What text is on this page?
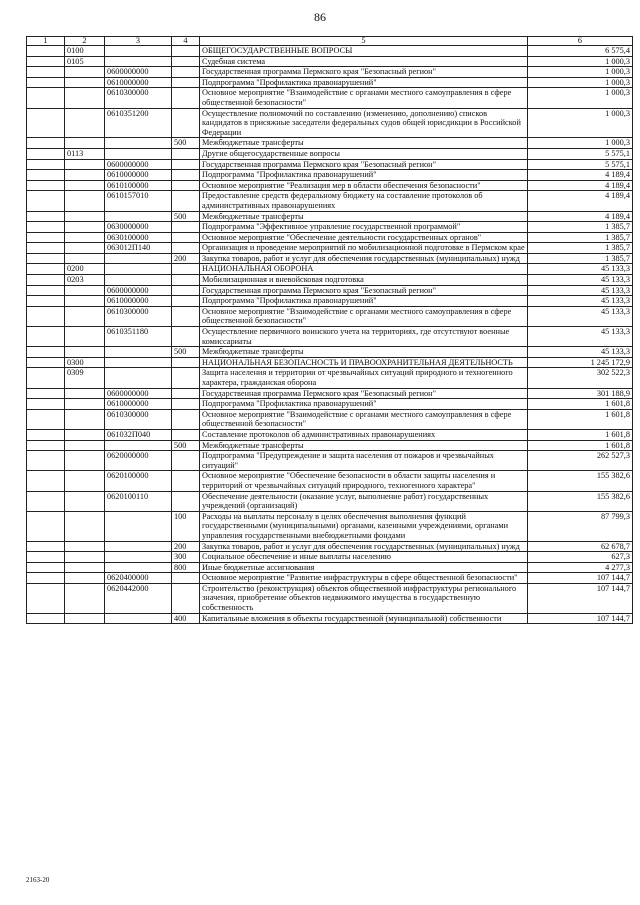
86
1	2	3	4	5	6
	0100			ОБЩЕГОСУДАРСТВЕННЫЕ ВОПРОСЫ	6 575,4
	0105			Судебная система	1 000,3
		0600000000		Государственная программа Пермского края "Безопасный регион"	1 000,3
		0610000000		Подпрограмма "Профилактика правонарушений"	1 000,3
		0610300000		Основное мероприятие "Взаимодействие с органами местного самоуправления в сфере общественной безопасности"	1 000,3
		0610351200		Осуществление полномочий по составлению (изменению, дополнению) списков кандидатов в присяжные заседатели федеральных судов общей юрисдикции в Российской Федерации	1 000,3
			500	Межбюджетные трансферты	1 000,3
	0113			Другие общегосударственные вопросы	5 575,1
		0600000000		Государственная программа Пермского края "Безопасный регион"	5 575,1
		0610000000		Подпрограмма "Профилактика правонарушений"	4 189,4
		0610100000		Основное мероприятие "Реализация мер в области обеспечения безопасности"	4 189,4
		0610157010		Предоставление средств федеральному бюджету на составление протоколов об административных правонарушениях	4 189,4
			500	Межбюджетные трансферты	4 189,4
		0630000000		Подпрограмма "Эффективное управление государственной программой"	1 385,7
		0630100000		Основное мероприятие "Обеспечение деятельности государственных органов"	1 385,7
		063012П140		Организация и проведение мероприятий по мобилизационной подготовке в Пермском крае	1 385,7
			200	Закупка товаров, работ и услуг для обеспечения государственных (муниципальных) нужд	1 385,7
	0200			НАЦИОНАЛЬНАЯ ОБОРОНА	45 133,3
	0203			Мобилизационная и вневойсковая подготовка	45 133,3
		0600000000		Государственная программа Пермского края "Безопасный регион"	45 133,3
		0610000000		Подпрограмма "Профилактика правонарушений"	45 133,3
		0610300000		Основное мероприятие "Взаимодействие с органами местного самоуправления в сфере общественной безопасности"	45 133,3
		0610351180		Осуществление первичного воинского учета на территориях, где отсутствуют военные комиссариаты	45 133,3
			500	Межбюджетные трансферты	45 133,3
	0300			НАЦИОНАЛЬНАЯ БЕЗОПАСНОСТЬ И ПРАВООХРАНИТЕЛЬНАЯ ДЕЯТЕЛЬНОСТЬ	1 245 172,9
	0309			Защита населения и территории от чрезвычайных ситуаций природного и техногенного характера, гражданская оборона	302 522,3
		0600000000		Государственная программа Пермского края "Безопасный регион"	301 188,9
		0610000000		Подпрограмма "Профилактика правонарушений"	1 601,8
		0610300000		Основное мероприятие "Взаимодействие с органами местного самоуправления в сфере общественной безопасности"	1 601,8
		061032П040		Составление протоколов об административных правонарушениях	1 601,8
			500	Межбюджетные трансферты	1 601,8
		0620000000		Подпрограмма "Предупреждение и защита населения от пожаров и чрезвычайных ситуаций"	262 527,3
		0620100000		Основное мероприятие "Обеспечение безопасности в области защиты населения и территорий от чрезвычайных ситуаций природного, техногенного характера"	155 382,6
		0620100110		Обеспечение деятельности (оказание услуг, выполнение работ) государственных учреждений (организаций)	155 382,6
			100	Расходы на выплаты персоналу в целях обеспечения выполнения функций государственными (муниципальными) органами, казенными учреждениями, органами управления государственными внебюджетными фондами	87 799,3
			200	Закупка товаров, работ и услуг для обеспечения государственных (муниципальных) нужд	62 678,7
			300	Социальное обеспечение и иные выплаты населению	627,3
			800	Иные бюджетные ассигнования	4 277,3
		0620400000		Основное мероприятие "Развитие инфраструктуры в сфере общественной безопасности"	107 144,7
		0620442000		Строительство (реконструкция) объектов общественной инфраструктуры регионального значения, приобретение объектов недвижимого имущества в государственную собственность	107 144,7
			400	Капитальные вложения в объекты государственной (муниципальной) собственности	107 144,7
2163-20
